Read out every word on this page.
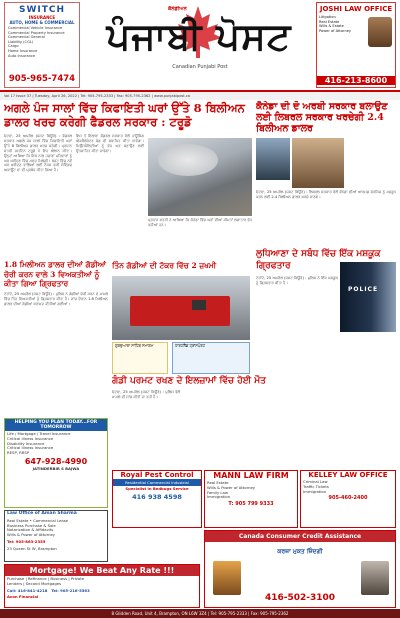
SWITCH
INSURANCE
AUTO, HOME & COMMERCIAL
Commercial Vehicle Insurance
Commercial Property Insurance
Commercial General
Liability (CGL)
Cargo
Home Insurance
Auto Insurance
905-965-7474
ਕੈਨੇਡੀਅਨ
ਪੰਜਾਬੀ ਪੋਸਟ
Canadian Punjabi Post
JOSHI LAW OFFICE
Litigation
Real Estate
Wills & Estate
Power of Attorney
416-213-8600
Vol 17 Issue 37 | Tuesday, April 26, 2022 | Tel: 905-795-2333 | Fax: 905-795-2362 | www.punjabipost.ca
ਅਗਲੇ ਪੰਜ ਸਾਲਾਂ ਵਿੱਚ ਕਿਫਾਇਤੀ ਘਰਾਂ ਉੱਤੇ 8 ਬਿਲੀਅਨ ਡਾਲਰ ਖਰਚ ਕਰੇਗੀ ਫੈਡਰਲ ਸਰਕਾਰ : ਟਰੂਡੋ
ਓਟਵਾ, 25 ਅਪਰੈਲ (ਪੋਸਟ ਬਿਊਰੋ) : ਫੈਡਰਲ ਸਰਕਾਰ ਅਗਲੇ ਪੰਜ ਸਾਲਾਂ ਵਿੱਚ ਕਿਫਾਇਤੀ ਘਰਾਂ ਉੱਤੇ 8 ਬਿਲੀਅਨ ਡਾਲਰ ਖਰਚ ਕਰੇਗੀ। ਪ੍ਰਧਾਨ ਮੰਤਰੀ ਜਸਟਿਨ ਟਰੂਡੋ ਨੇ ਇਹ ਐਲਾਨ ਕੀਤਾ। ਉਨ੍ਹਾਂ ਆਖਿਆ ਕਿ ਇਸ ਨਾਲ ਹਜ਼ਾਰਾਂ ਪਰਿਵਾਰਾਂ ਨੂੰ ਘਰ ਖਰੀਦਣ ਵਿੱਚ ਮਦਦ ਮਿਲੇਗੀ। ਬਜਟ ਵਿੱਚ ਨਵੇਂ ਘਰ ਖਰੀਦਣ ਵਾਲਿਆਂ ਲਈ ਟੈਕਸ ਫਰੀ ਸੇਵਿੰਗਜ਼ ਅਕਾਊਂਟ ਦਾ ਵੀ ਪ੍ਰਬੰਧ ਕੀਤਾ ਗਿਆ ਹੈ।
ਇਸ ਤੋਂ ਇਲਾਵਾ ਫੈਡਰਲ ਸਰਕਾਰ ਵੱਲੋਂ ਹਾਊਸਿੰਗ ਐਕਸੈਲੇਰੇਟਰ ਫੰਡ ਵੀ ਸਥਾਪਿਤ ਕੀਤਾ ਜਾਵੇਗਾ। ਮਿਉਂਸਪੈਲਿਟੀਆਂ ਨੂੰ ਵੱਧ ਘਰ ਬਣਾਉਣ ਲਈ ਉਤਸ਼ਾਹਿਤ ਕੀਤਾ ਜਾਵੇਗਾ।
ਪ੍ਰਧਾਨ ਮੰਤਰੀ ਨੇ ਆਖਿਆ ਕਿ ਕੈਨੇਡਾ ਵਿੱਚ ਘਰਾਂ ਦੀਆਂ ਕੀਮਤਾਂ ਲਗਾਤਾਰ ਵੱਧ ਰਹੀਆਂ ਹਨ।
ਕੈਨੇਡਾ ਦੀ ਦੋ ਅਰਬੀ ਸਰਕਾਰ ਬਲਾਉਣ ਲਈ ਲਿਬਰਲ ਸਰਕਾਰ ਖਰਚੇਗੀ 2.4 ਬਿਲੀਅਨ ਡਾਲਰ
ਓਟਵਾ, 25 ਅਪਰੈਲ (ਪੋਸਟ ਬਿਊਰੋ) : ਲਿਬਰਲ ਸਰਕਾਰ ਵੱਲੋਂ ਕੈਨੇਡਾ ਦੀਆਂ ਆਰਮਡ ਫੋਰਸਿਜ਼ ਨੂੰ ਮਜ਼ਬੂਤ ਕਰਨ ਲਈ 2.4 ਬਿਲੀਅਨ ਡਾਲਰ ਖਰਚੇ ਜਾਣਗੇ।
ਲੁਧਿਆਣਾ ਦੇ ਸਬੰਧ ਵਿੱਚ ਇੱਕ ਮਸ਼ਕੂਕ ਗ੍ਰਿਫਤਾਰ
ਟੋਰਾਂਟੋ, 25 ਅਪਰੈਲ (ਪੋਸਟ ਬਿਊਰੋ) : ਪੁਲਿਸ ਨੇ ਇੱਕ ਮਸ਼ਕੂਕ ਨੂੰ ਗ੍ਰਿਫਤਾਰ ਕੀਤਾ ਹੈ।
POLICE
1.8 ਮਿਲੀਅਨ ਡਾਲਰ ਦੀਆਂ ਗੱਡੀਆਂ ਚੋਰੀ ਕਰਨ ਵਾਲੇ 3 ਵਿਅਕਤੀਆਂ ਨੂੰ ਕੀਤਾ ਗਿਆ ਗ੍ਰਿਫਤਾਰ
ਟੋਰਾਂਟੋ, 25 ਅਪਰੈਲ (ਪੋਸਟ ਬਿਊਰੋ) : ਪੁਲਿਸ ਨੇ ਗੱਡੀਆਂ ਚੋਰੀ ਕਰਨ ਦੇ ਮਾਮਲੇ ਵਿੱਚ ਤਿੰਨ ਵਿਅਕਤੀਆਂ ਨੂੰ ਗ੍ਰਿਫਤਾਰ ਕੀਤਾ ਹੈ। ਜਾਂਚ ਦੌਰਾਨ 1.8 ਮਿਲੀਅਨ ਡਾਲਰ ਦੀਆਂ ਗੱਡੀਆਂ ਬਰਾਮਦ ਕੀਤੀਆਂ ਗਈਆਂ।
ਤਿੰਨ ਗੱਡੀਆਂ ਦੀ ਟੱਕਰ ਵਿੱਚ 2 ਜ਼ਖਮੀ
ਗੁਰਦੁਆਰਾ ਸਾਹਿਬ ਸਮਾਗਮ	ਹਾਰਟਲੈਂਡ ਟ੍ਰਾਂਸਪੋਰਟ
ਗੰਡੀ ਪਰਮਟ ਰਖਣ ਦੇ ਇਲਜ਼ਾਮਾਂ ਵਿੱਚ ਹੋਈ ਮੌਤ
ਓਟਵਾ, 25 ਅਪਰੈਲ (ਪੋਸਟ ਬਿਊਰੋ) : ਪੁਲਿਸ ਵੱਲੋਂ ਮਾਮਲੇ ਦੀ ਜਾਂਚ ਕੀਤੀ ਜਾ ਰਹੀ ਹੈ।
HELPING YOU PLAN TODAY...FOR TOMORROW
Life / Mortgage / Travel Insurance
Critical Illness Insurance
Disability Insurance
Critical Illness Insurance
RESP, RRSP
647-928-4990
JATINDERBIR S BAJWA
Law Office of Aman Sharma
Real Estate • Commercial Lease
Business Purchase & Sale
Notarization & Affidavits
Wills & Power of Attorney
Tel: 905-863-2355
23 Queen St W, Brampton
Royal Pest Control
Residential Commercial Industrial
Specialist in Bedbugs Service
416 938 4598
MANN LAW FIRM
Real Estate
Wills & Power of Attorney
Family Law
Immigration
T: 905 799 9333
KELLEY LAW OFFICE
Criminal Law
Traffic Tickets
Immigration
905-460-2400
Mortgage! We Beat Any Rate !!!
Purchase | Refinance | Business | Private
Lenders | Second Mortgages
Call: 416-841-4218 Tel: 905-216-5563
Avon Financial
Canada Consumer Credit Assistance
ਕਰਜ਼ਾ ਮੁਕਤ ਜ਼ਿੰਦਗੀ
416-502-3100
8 Glidden Road, Unit 4, Brampton, ON L6W 3Z4 | Tel: 905-795-2333 | Fax: 905-795-2362
